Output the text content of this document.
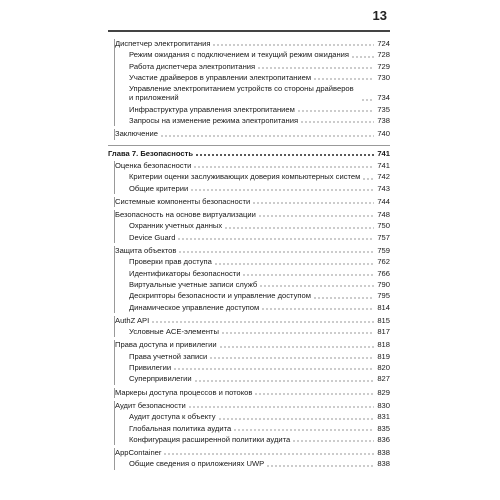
13
Диспетчер электропитания	724
Режим ожидания с подключением и текущий режим ожидания	728
Работа диспетчера электропитания	729
Участие драйверов в управлении электропитанием	730
Управление электропитанием устройств со стороны драйверов и приложений	734
Инфраструктура управления электропитанием	735
Запросы на изменение режима электропитания	738
Заключение	740
Глава 7. Безопасность	741
Оценка безопасности	741
Критерии оценки заслуживающих доверия компьютерных систем 742
Общие критерии	743
Системные компоненты безопасности	744
Безопасность на основе виртуализации	748
Охранник учетных данных	750
Device Guard	757
Защита объектов	759
Проверки прав доступа	762
Идентификаторы безопасности	766
Виртуальные учетные записи служб	790
Дескрипторы безопасности и управление доступом	795
Динамическое управление доступом	814
AuthZ API	815
Условные ACE-элементы	817
Права доступа и привилегии	818
Права учетной записи	819
Привилегии	820
Суперпривилегии	827
Маркеры доступа процессов и потоков	829
Аудит безопасности	830
Аудит доступа к объекту	831
Глобальная политика аудита	835
Конфигурация расширенной политики аудита	836
AppContainer	838
Общие сведения о приложениях UWP	838
